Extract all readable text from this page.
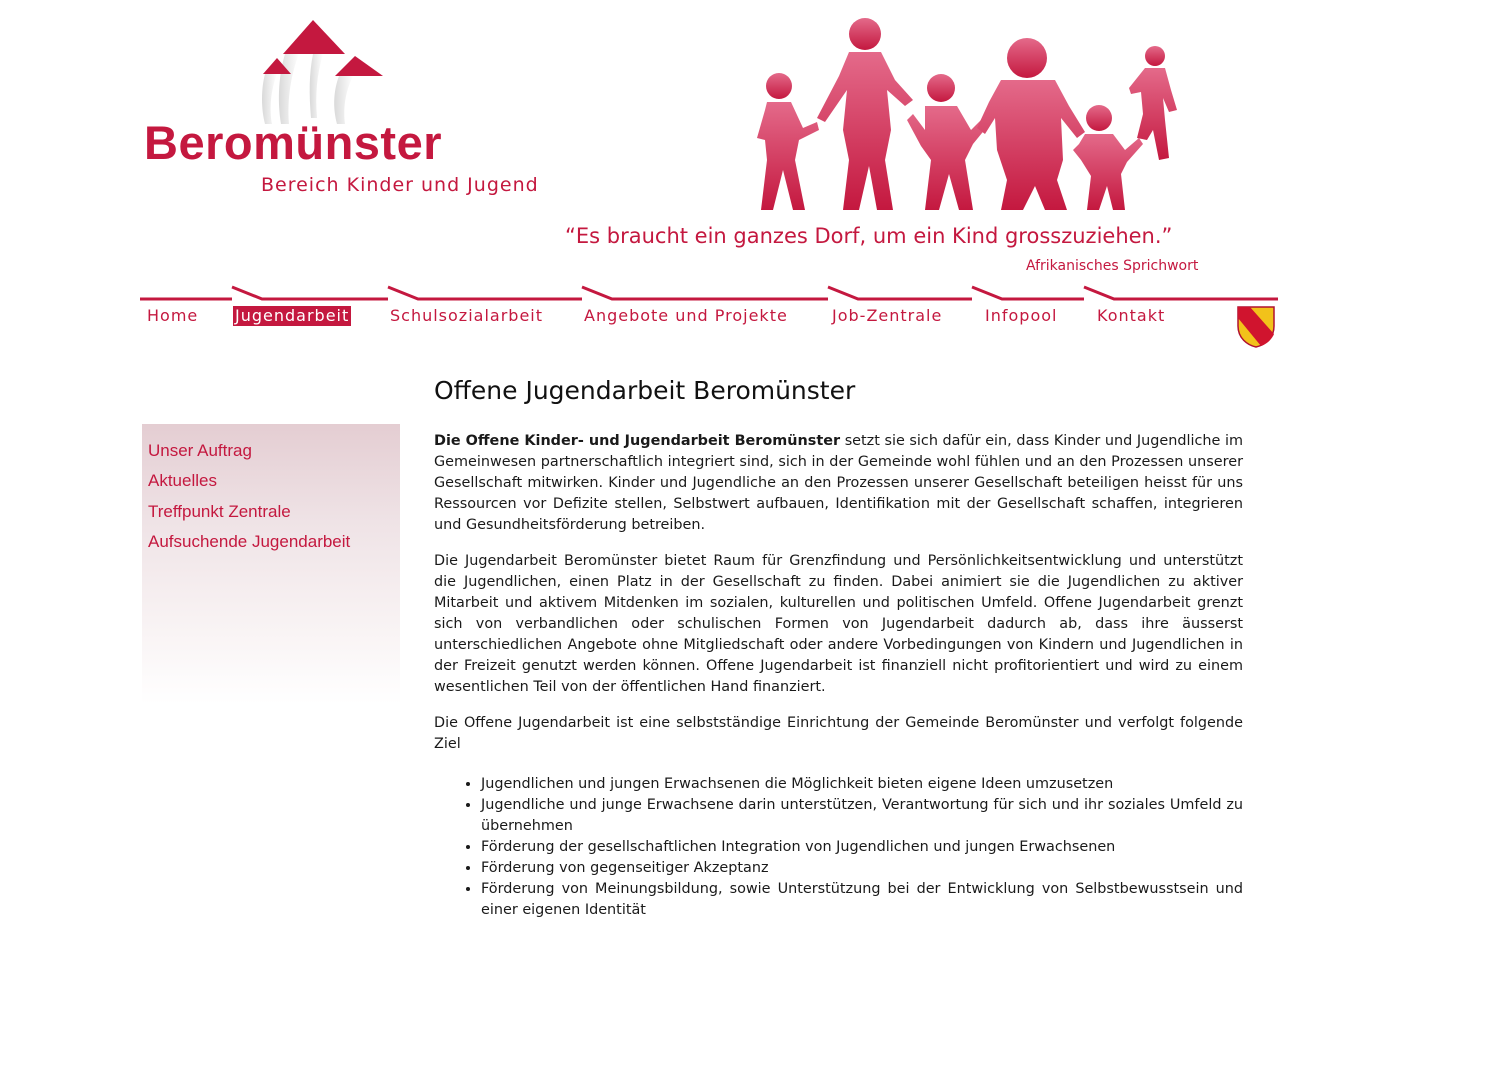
Beromünster
Bereich Kinder und Jugend
“Es braucht ein ganzes Dorf, um ein Kind grosszuziehen.”
Afrikanisches Sprichwort
Home Jugendarbeit	Schulsozialarbeit	Angebote und Projekte	Job-Zentrale	Infopool Kontakt
Unser Auftrag
Aktuelles
Treffpunkt Zentrale
Aufsuchende Jugendarbeit
Offene Jugendarbeit Beromünster

Die Offene Kinder- und Jugendarbeit Beromünster setzt sie sich dafür ein, dass Kinder und Jugendliche im Gemeinwesen partnerschaftlich integriert sind, sich in der Gemeinde wohl fühlen und an den Prozessen unserer Gesellschaft mitwirken. Kinder und Jugendliche an den Prozessen unserer Gesellschaft beteiligen heisst für uns Ressourcen vor Defizite stellen, Selbstwert aufbauen, Identifikation mit der Gesellschaft schaffen, integrieren und Gesundheitsförderung betreiben.

Die Jugendarbeit Beromünster bietet Raum für Grenzfindung und Persönlichkeitsentwicklung und unterstützt die Jugendlichen, einen Platz in der Gesellschaft zu finden. Dabei animiert sie die Jugendlichen zu aktiver Mitarbeit und aktivem Mitdenken im sozialen, kulturellen und politischen Umfeld. Offene Jugendarbeit grenzt sich von verbandlichen oder schulischen Formen von Jugendarbeit dadurch ab, dass ihre äusserst unterschiedlichen Angebote ohne Mitgliedschaft oder andere Vorbedingungen von Kindern und Jugendlichen in der Freizeit genutzt werden können. Offene Jugendarbeit ist finanziell nicht profitorientiert und wird zu einem wesentlichen Teil von der öffentlichen Hand finanziert.

Die Offene Jugendarbeit ist eine selbstständige Einrichtung der Gemeinde Beromünster und verfolgt folgende Ziel

• Jugendlichen und jungen Erwachsenen die Möglichkeit bieten eigene Ideen umzusetzen
• Jugendliche und junge Erwachsene darin unterstützen, Verantwortung für sich und ihr soziales Umfeld zu übernehmen
• Förderung der gesellschaftlichen Integration von Jugendlichen und jungen Erwachsenen
• Förderung von gegenseitiger Akzeptanz
• Förderung von Meinungsbildung, sowie Unterstützung bei der Entwicklung von Selbstbewusstsein und einer eigenen Identität
